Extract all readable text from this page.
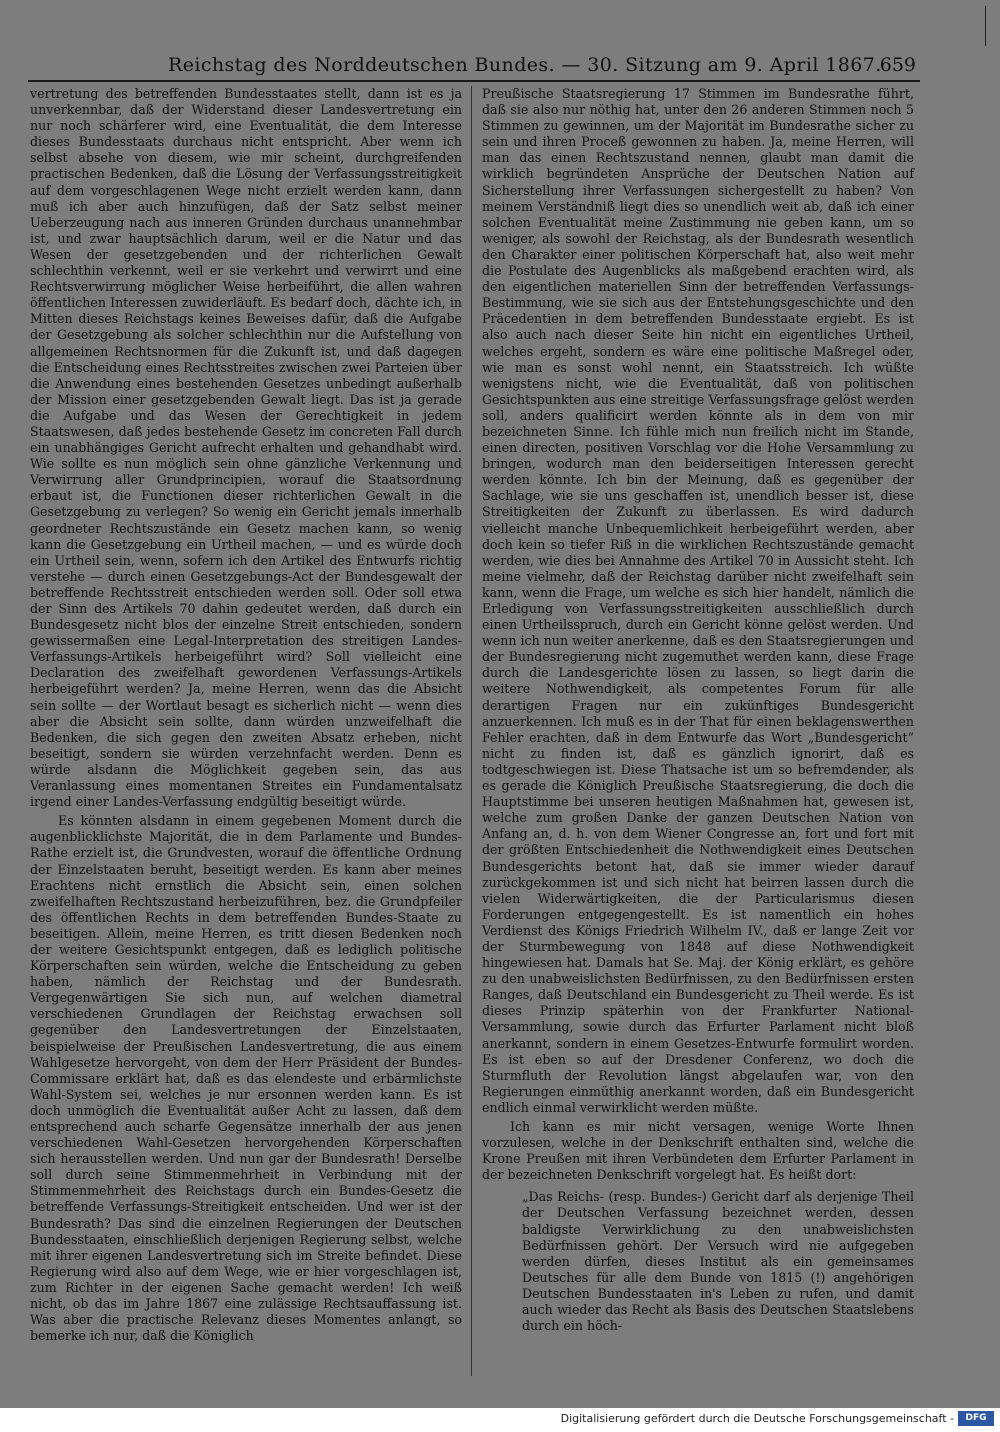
Reichstag des Norddeutschen Bundes. — 30. Sitzung am 9. April 1867.
659

vertretung des betreffenden Bundesstaates stellt, dann ist es ja unverkennbar, daß der Widerstand dieser Landesvertretung ein nur noch schärferer wird, eine Eventualität, die dem Interesse dieses Bundesstaats durchaus nicht entspricht. Aber wenn ich selbst absehe von diesem, wie mir scheint, durchgreifenden practischen Bedenken, daß die Lösung der Verfassungsstreitigkeit auf dem vorgeschlagenen Wege nicht erzielt werden kann, dann muß ich aber auch hinzufügen, daß der Satz selbst meiner Ueberzeugung nach aus inneren Gründen durchaus unannehmbar ist, und zwar hauptsächlich darum, weil er die Natur und das Wesen der gesetzgebenden und der richterlichen Gewalt schlechthin verkennt, weil er sie verkehrt und verwirrt und eine Rechtsverwirrung möglicher Weise herbeiführt, die allen wahren öffentlichen Interessen zuwiderläuft. Es bedarf doch, dächte ich, in Mitten dieses Reichstags keines Beweises dafür, daß die Aufgabe der Gesetzgebung als solcher schlechthin nur die Aufstellung von allgemeinen Rechtsnormen für die Zukunft ist, und daß dagegen die Entscheidung eines Rechtsstreites zwischen zwei Parteien über die Anwendung eines bestehenden Gesetzes unbedingt außerhalb der Mission einer gesetzgebenden Gewalt liegt. Das ist ja gerade die Aufgabe und das Wesen der Gerechtigkeit in jedem Staatswesen, daß jedes bestehende Gesetz im concreten Fall durch ein unabhängiges Gericht aufrecht erhalten und gehandhabt wird. Wie sollte es nun möglich sein ohne gänzliche Verkennung und Verwirrung aller Grundprincipien, worauf die Staatsordnung erbaut ist, die Functionen dieser richterlichen Gewalt in die Gesetzgebung zu verlegen? So wenig ein Gericht jemals innerhalb geordneter Rechtszustände ein Gesetz machen kann, so wenig kann die Gesetzgebung ein Urtheil machen, — und es würde doch ein Urtheil sein, wenn, sofern ich den Artikel des Entwurfs richtig verstehe — durch einen Gesetzgebungs-Act der Bundesgewalt der betreffende Rechtsstreit entschieden werden soll. Oder soll etwa der Sinn des Artikels 70 dahin gedeutet werden, daß durch ein Bundesgesetz nicht blos der einzelne Streit entschieden, sondern gewissermaßen eine Legal-Interpretation des streitigen Landes-Verfassungs-Artikels herbeigeführt wird? Soll vielleicht eine Declaration des zweifelhaft gewordenen Verfassungs-Artikels herbeigeführt werden? Ja, meine Herren, wenn das die Absicht sein sollte — der Wortlaut besagt es sicherlich nicht — wenn dies aber die Absicht sein sollte, dann würden unzweifelhaft die Bedenken, die sich gegen den zweiten Absatz erheben, nicht beseitigt, sondern sie würden verzehnfacht werden. Denn es würde alsdann die Möglichkeit gegeben sein, das aus Veranlassung eines momentanen Streites ein Fundamentalsatz irgend einer Landes-Verfassung endgültig beseitigt würde.

Es könnten alsdann in einem gegebenen Moment durch die augenblicklichste Majorität, die in dem Parlamente und Bundes-Rathe erzielt ist, die Grundvesten, worauf die öffentliche Ordnung der Einzelstaaten beruht, beseitigt werden. Es kann aber meines Erachtens nicht ernstlich die Absicht sein, einen solchen zweifelhaften Rechtszustand herbeizuführen, bez. die Grundpfeiler des öffentlichen Rechts in dem betreffenden Bundes-Staate zu beseitigen. Allein, meine Herren, es tritt diesen Bedenken noch der weitere Gesichtspunkt entgegen, daß es lediglich politische Körperschaften sein würden, welche die Entscheidung zu geben haben, nämlich der Reichstag und der Bundesrath. Vergegenwärtigen Sie sich nun, auf welchen diametral verschiedenen Grundlagen der Reichstag erwachsen soll gegenüber den Landesvertretungen der Einzelstaaten, beispielweise der Preußischen Landesvertretung, die aus einem Wahlgesetze hervorgeht, von dem der Herr Präsident der Bundes-Commissare erklärt hat, daß es das elendeste und erbärmlichste Wahl-System sei, welches je nur ersonnen werden kann. Es ist doch unmöglich die Eventualität außer Acht zu lassen, daß dem entsprechend auch scharfe Gegensätze innerhalb der aus jenen verschiedenen Wahl-Gesetzen hervorgehenden Körperschaften sich herausstellen werden. Und nun gar der Bundesrath! Derselbe soll durch seine Stimmenmehrheit in Verbindung mit der Stimmenmehrheit des Reichstags durch ein Bundes-Gesetz die betreffende Verfassungs-Streitigkeit entscheiden. Und wer ist der Bundesrath? Das sind die einzelnen Regierungen der Deutschen Bundesstaaten, einschließlich derjenigen Regierung selbst, welche mit ihrer eigenen Landesvertretung sich im Streite befindet. Diese Regierung wird also auf dem Wege, wie er hier vorgeschlagen ist, zum Richter in der eigenen Sache gemacht werden! Ich weiß nicht, ob das im Jahre 1867 eine zulässige Rechtsauffassung ist. Was aber die practische Relevanz dieses Momentes anlangt, so bemerke ich nur, daß die Königlich

Preußische Staatsregierung 17 Stimmen im Bundesrathe führt, daß sie also nur nöthig hat, unter den 26 anderen Stimmen noch 5 Stimmen zu gewinnen, um der Majorität im Bundesrathe sicher zu sein und ihren Proceß gewonnen zu haben. Ja, meine Herren, will man das einen Rechtszustand nennen, glaubt man damit die wirklich begründeten Ansprüche der Deutschen Nation auf Sicherstellung ihrer Verfassungen sichergestellt zu haben? Von meinem Verständniß liegt dies so unendlich weit ab, daß ich einer solchen Eventualität meine Zustimmung nie geben kann, um so weniger, als sowohl der Reichstag, als der Bundesrath wesentlich den Charakter einer politischen Körperschaft hat, also weit mehr die Postulate des Augenblicks als maßgebend erachten wird, als den eigentlichen materiellen Sinn der betreffenden Verfassungs-Bestimmung, wie sie sich aus der Entstehungsgeschichte und den Präcedentien in dem betreffenden Bundesstaate ergiebt. Es ist also auch nach dieser Seite hin nicht ein eigentliches Urtheil, welches ergeht, sondern es wäre eine politische Maßregel oder, wie man es sonst wohl nennt, ein Staatsstreich. Ich wüßte wenigstens nicht, wie die Eventualität, daß von politischen Gesichtspunkten aus eine streitige Verfassungsfrage gelöst werden soll, anders qualificirt werden könnte als in dem von mir bezeichneten Sinne. Ich fühle mich nun freilich nicht im Stande, einen directen, positiven Vorschlag vor die Hohe Versammlung zu bringen, wodurch man den beiderseitigen Interessen gerecht werden könnte. Ich bin der Meinung, daß es gegenüber der Sachlage, wie sie uns geschaffen ist, unendlich besser ist, diese Streitigkeiten der Zukunft zu überlassen. Es wird dadurch vielleicht manche Unbequemlichkeit herbeigeführt werden, aber doch kein so tiefer Riß in die wirklichen Rechtszustände gemacht werden, wie dies bei Annahme des Artikel 70 in Aussicht steht. Ich meine vielmehr, daß der Reichstag darüber nicht zweifelhaft sein kann, wenn die Frage, um welche es sich hier handelt, nämlich die Erledigung von Verfassungsstreitigkeiten ausschließlich durch einen Urtheilsspruch, durch ein Gericht könne gelöst werden. Und wenn ich nun weiter anerkenne, daß es den Staatsregierungen und der Bundesregierung nicht zugemuthet werden kann, diese Frage durch die Landesgerichte lösen zu lassen, so liegt darin die weitere Nothwendigkeit, als competentes Forum für alle derartigen Fragen nur ein zukünftiges Bundesgericht anzuerkennen. Ich muß es in der That für einen beklagenswerthen Fehler erachten, daß in dem Entwurfe das Wort „Bundesgericht“ nicht zu finden ist, daß es gänzlich ignorirt, daß es todtgeschwiegen ist. Diese Thatsache ist um so befremdender, als es gerade die Königlich Preußische Staatsregierung, die doch die Hauptstimme bei unseren heutigen Maßnahmen hat, gewesen ist, welche zum großen Danke der ganzen Deutschen Nation von Anfang an, d. h. von dem Wiener Congresse an, fort und fort mit der größten Entschiedenheit die Nothwendigkeit eines Deutschen Bundesgerichts betont hat, daß sie immer wieder darauf zurückgekommen ist und sich nicht hat beirren lassen durch die vielen Widerwärtigkeiten, die der Particularismus diesen Forderungen entgegengestellt. Es ist namentlich ein hohes Verdienst des Königs Friedrich Wilhelm IV., daß er lange Zeit vor der Sturmbewegung von 1848 auf diese Nothwendigkeit hingewiesen hat. Damals hat Se. Maj. der König erklärt, es gehöre zu den unabweislichsten Bedürfnissen, zu den Bedürfnissen ersten Ranges, daß Deutschland ein Bundesgericht zu Theil werde. Es ist dieses Prinzip späterhin von der Frankfurter National-Versammlung, sowie durch das Erfurter Parlament nicht bloß anerkannt, sondern in einem Gesetzes-Entwurfe formulirt worden. Es ist eben so auf der Dresdener Conferenz, wo doch die Sturmfluth der Revolution längst abgelaufen war, von den Regierungen einmüthig anerkannt worden, daß ein Bundesgericht endlich einmal verwirklicht werden müßte.

Ich kann es mir nicht versagen, wenige Worte Ihnen vorzulesen, welche in der Denkschrift enthalten sind, welche die Krone Preußen mit ihren Verbündeten dem Erfurter Parlament in der bezeichneten Denkschrift vorgelegt hat. Es heißt dort:

„Das Reichs- (resp. Bundes-) Gericht darf als derjenige Theil der Deutschen Verfassung bezeichnet werden, dessen baldigste Verwirklichung zu den unabweislichsten Bedürfnissen gehört. Der Versuch wird nie aufgegeben werden dürfen, dieses Institut als ein gemeinsames Deutsches für alle dem Bunde von 1815 (!) angehörigen Deutschen Bundesstaaten in's Leben zu rufen, und damit auch wieder das Recht als Basis des Deutschen Staatslebens durch ein höch-

Digitalisierung gefördert durch die Deutsche Forschungsgemeinschaft -	DFG
